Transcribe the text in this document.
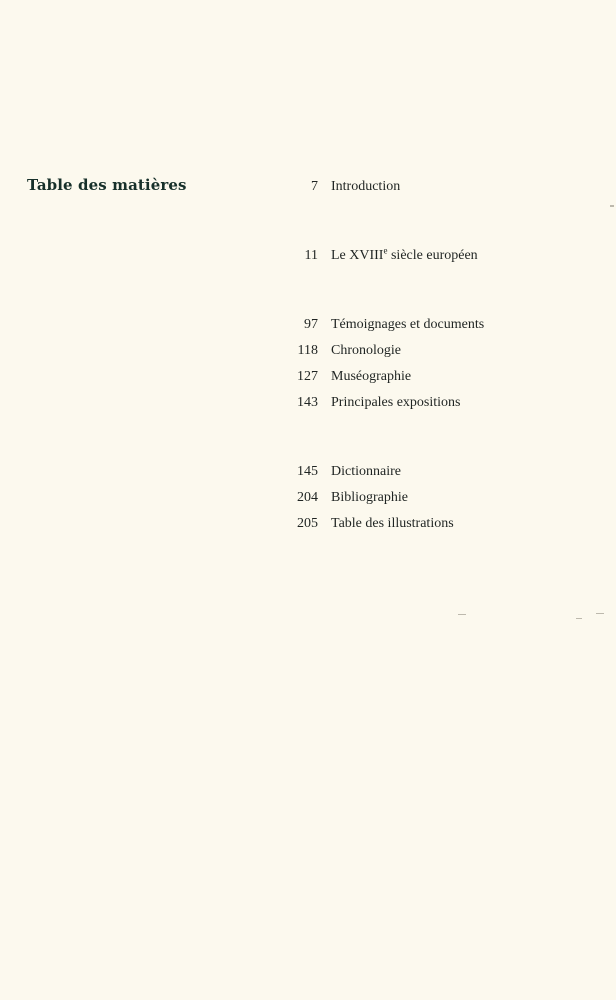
Table des matières	7 Introduction
11 Le XVIIIe siècle européen
97 Témoignages et documents
118 Chronologie
127 Muséographie
143 Principales expositions
145 Dictionnaire
204 Bibliographie
205 Table des illustrations
